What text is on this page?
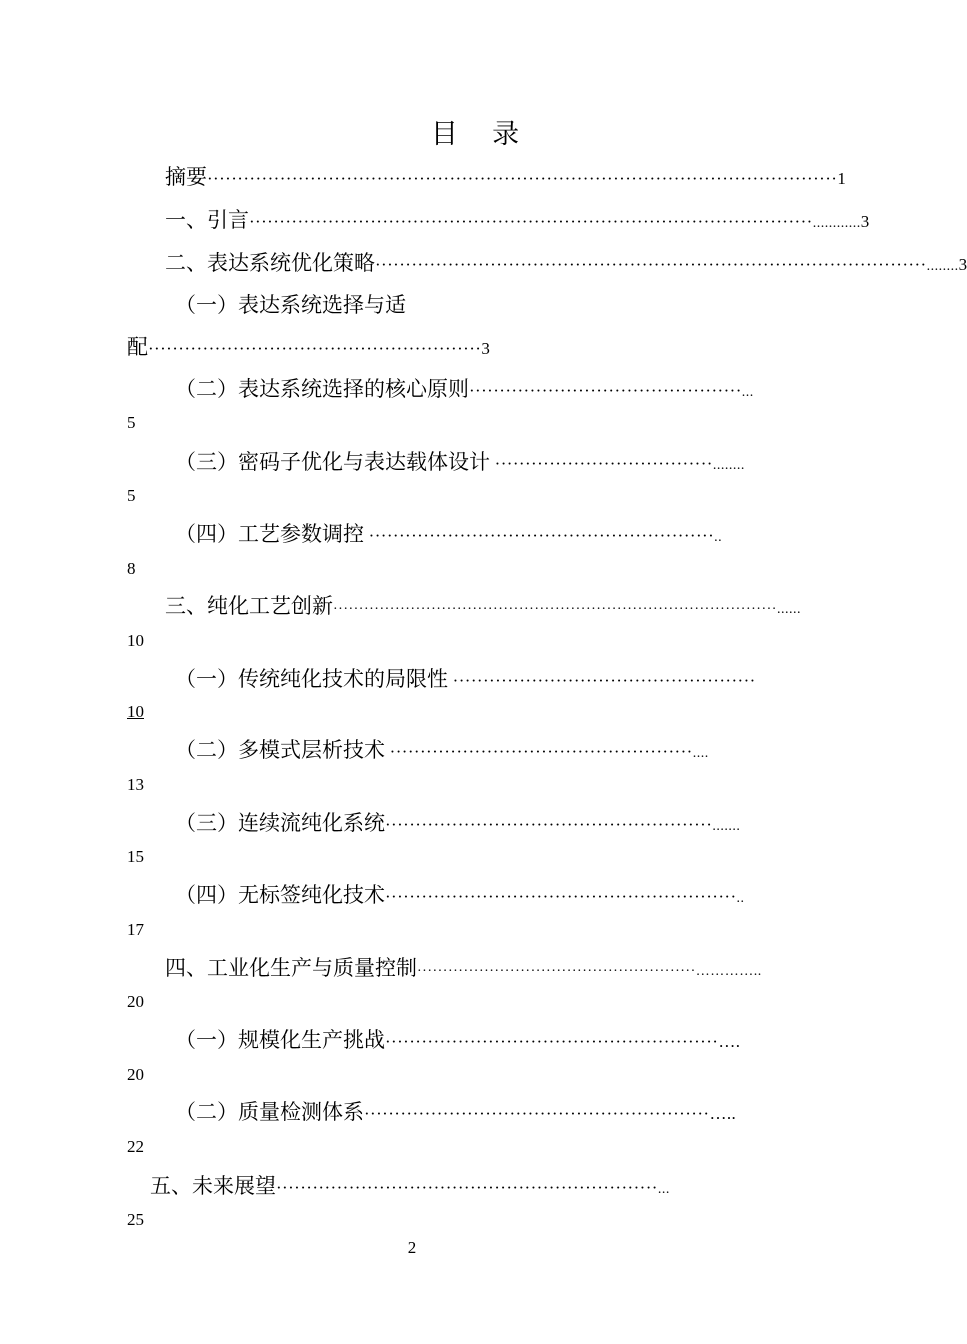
目    录
摘要········································································································1
一、引言·····························································································............3
二、表达系统优化策略···························································································........3
（一）表达系统选择与适
配·······················································3
（二）表达系统选择的核心原则·············································...
5
（三）密码子优化与表达载体设计 ····································........
5
（四）工艺参数调控 ·························································..
8
三、纯化工艺创新······················································································......
10
（一）传统纯化技术的局限性 ··················································
10
（二）多模式层析技术 ··················································....
13
（三）连续流纯化系统······················································.......
15
（四）无标签纯化技术··························································..
17
四、工业化生产与质量控制······················································…………..
20
（一）规模化生产挑战·······················································….
20
（二）质量检测体系·························································…..
22
五、未来展望·······························································...
25
2
